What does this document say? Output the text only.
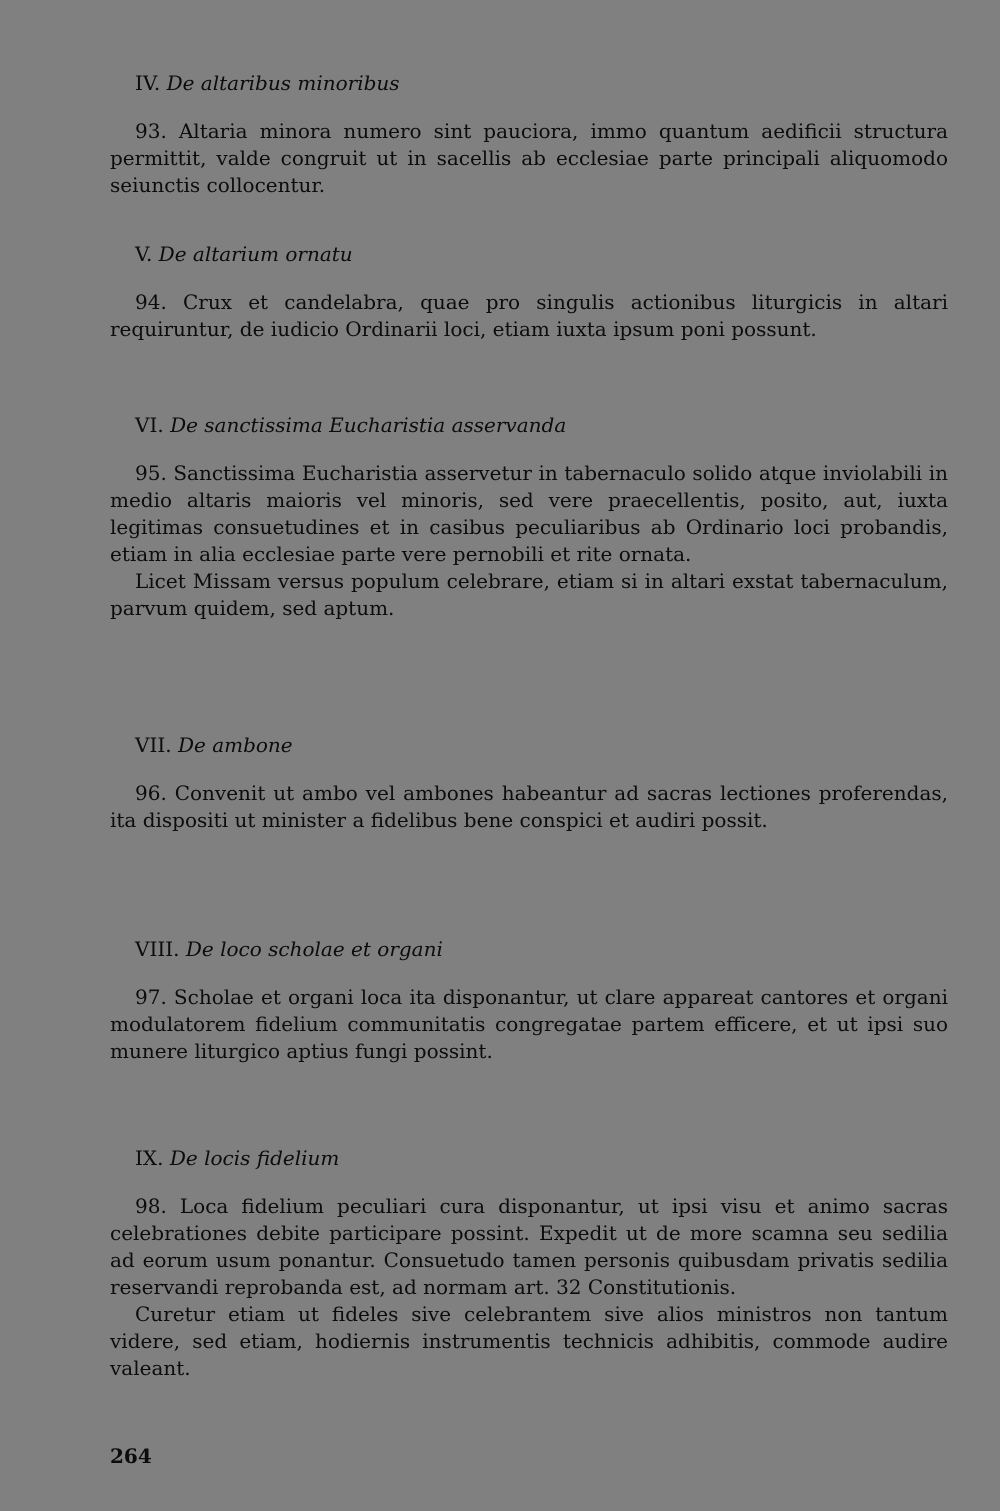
IV. De altaribus minoribus

93. Altaria minora numero sint pauciora, immo quantum aedificii structura permittit, valde congruit ut in sacellis ab ecclesiae parte principali aliquomodo seiunctis collocentur.

V. De altarium ornatu

94. Crux et candelabra, quae pro singulis actionibus liturgicis in altari requiruntur, de iudicio Ordinarii loci, etiam iuxta ipsum poni possunt.

VI. De sanctissima Eucharistia asservanda

95. Sanctissima Eucharistia asservetur in tabernaculo solido atque inviolabili in medio altaris maioris vel minoris, sed vere praecellentis, posito, aut, iuxta legitimas consuetudines et in casibus peculiaribus ab Ordinario loci probandis, etiam in alia ecclesiae parte vere pernobili et rite ornata.

Licet Missam versus populum celebrare, etiam si in altari exstat tabernaculum, parvum quidem, sed aptum.

VII. De ambone

96. Convenit ut ambo vel ambones habeantur ad sacras lectiones proferendas, ita dispositi ut minister a fidelibus bene conspici et audiri possit.

VIII. De loco scholae et organi

97. Scholae et organi loca ita disponantur, ut clare appareat cantores et organi modulatorem fidelium communitatis congregatae partem efficere, et ut ipsi suo munere liturgico aptius fungi possint.

IX. De locis fidelium

98. Loca fidelium peculiari cura disponantur, ut ipsi visu et animo sacras celebrationes debite participare possint. Expedit ut de more scamna seu sedilia ad eorum usum ponantur. Consuetudo tamen personis quibusdam privatis sedilia reservandi reprobanda est, ad normam art. 32 Constitutionis.

Curetur etiam ut fideles sive celebrantem sive alios ministros non tantum videre, sed etiam, hodiernis instrumentis technicis adhibitis, commode audire valeant.

264
